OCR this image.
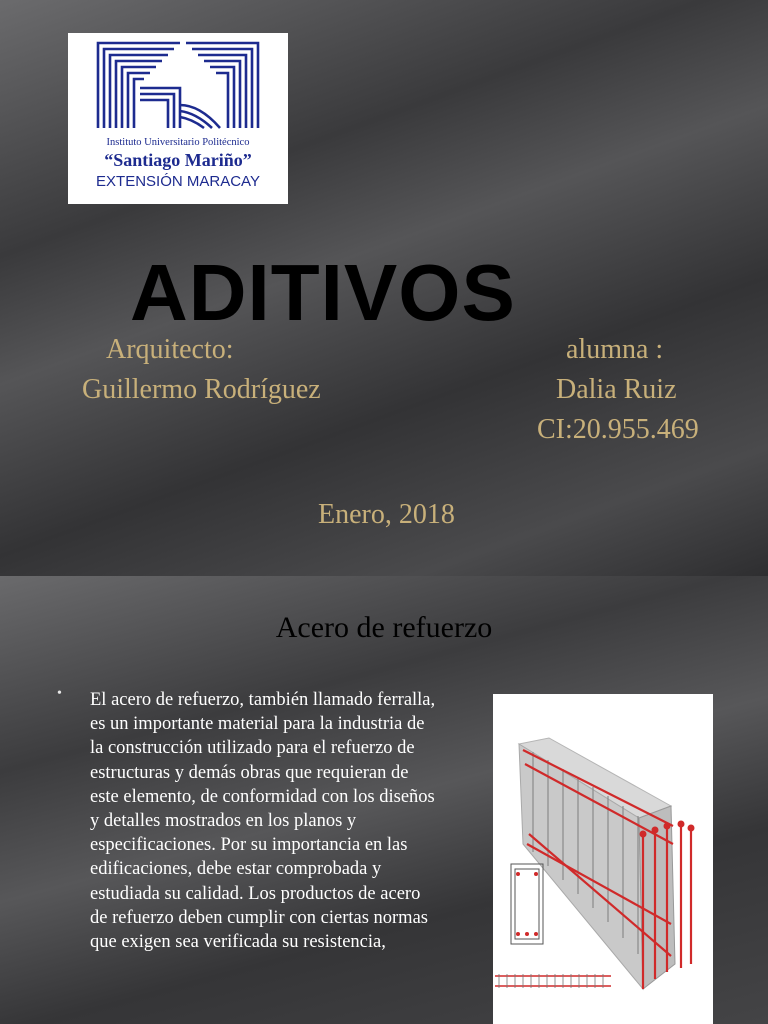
Instituto Universitario Politécnico
“Santiago Mariño”
EXTENSIÓN MARACAY
ADITIVOS
Arquitecto:
Guillermo Rodríguez
alumna :
Dalia Ruiz
CI:20.955.469
Enero, 2018
Acero de refuerzo
• El acero de refuerzo, también llamado ferralla, es un importante material para la industria de la construcción utilizado para el refuerzo de estructuras y demás obras que requieran de este elemento, de conformidad con los diseños y detalles mostrados en los planos y especificaciones. Por su importancia en las edificaciones, debe estar comprobada y estudiada su calidad. Los productos de acero de refuerzo deben cumplir con ciertas normas que exigen sea verificada su resistencia,
